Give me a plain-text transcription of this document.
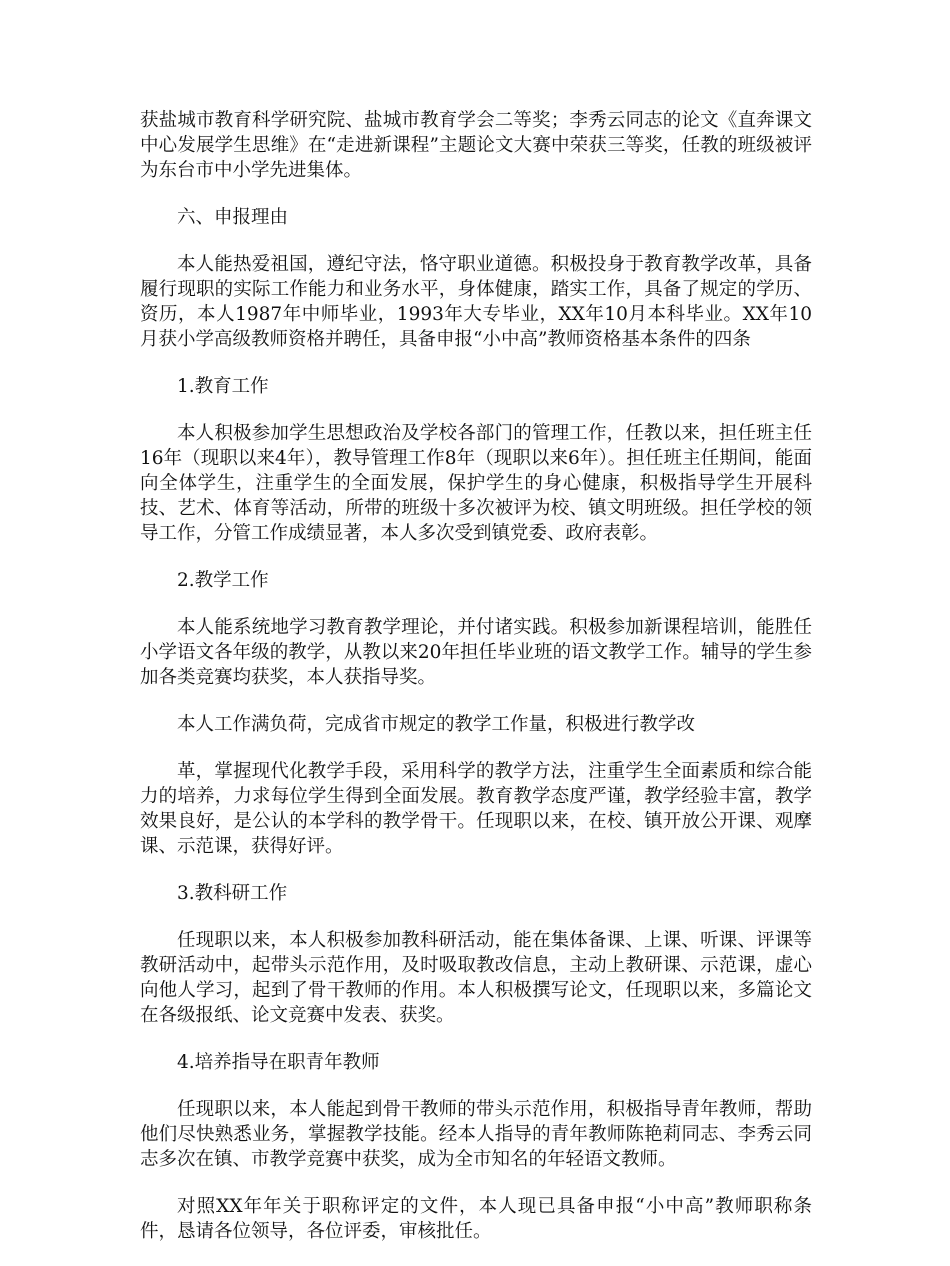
获盐城市教育科学研究院、盐城市教育学会二等奖；李秀云同志的论文《直奔课文中心发展学生思维》在“走进新课程”主题论文大赛中荣获三等奖，任教的班级被评为东台市中小学先进集体。

六、申报理由

本人能热爱祖国，遵纪守法，恪守职业道德。积极投身于教育教学改革，具备履行现职的实际工作能力和业务水平，身体健康，踏实工作，具备了规定的学历、资历，本人1987年中师毕业，1993年大专毕业，XX年10月本科毕业。XX年10月获小学高级教师资格并聘任，具备申报“小中高”教师资格基本条件的四条

1.教育工作

本人积极参加学生思想政治及学校各部门的管理工作，任教以来，担任班主任16年（现职以来4年），教导管理工作8年（现职以来6年）。担任班主任期间，能面向全体学生，注重学生的全面发展，保护学生的身心健康，积极指导学生开展科技、艺术、体育等活动，所带的班级十多次被评为校、镇文明班级。担任学校的领导工作，分管工作成绩显著，本人多次受到镇党委、政府表彰。

2.教学工作

本人能系统地学习教育教学理论，并付诸实践。积极参加新课程培训，能胜任小学语文各年级的教学，从教以来20年担任毕业班的语文教学工作。辅导的学生参加各类竞赛均获奖，本人获指导奖。

本人工作满负荷，完成省市规定的教学工作量，积极进行教学改

革，掌握现代化教学手段，采用科学的教学方法，注重学生全面素质和综合能力的培养，力求每位学生得到全面发展。教育教学态度严谨，教学经验丰富，教学效果良好，是公认的本学科的教学骨干。任现职以来，在校、镇开放公开课、观摩课、示范课，获得好评。

3.教科研工作

任现职以来，本人积极参加教科研活动，能在集体备课、上课、听课、评课等教研活动中，起带头示范作用，及时吸取教改信息，主动上教研课、示范课，虚心向他人学习，起到了骨干教师的作用。本人积极撰写论文，任现职以来，多篇论文在各级报纸、论文竞赛中发表、获奖。

4.培养指导在职青年教师

任现职以来，本人能起到骨干教师的带头示范作用，积极指导青年教师，帮助他们尽快熟悉业务，掌握教学技能。经本人指导的青年教师陈艳莉同志、李秀云同志多次在镇、市教学竞赛中获奖，成为全市知名的年轻语文教师。

对照XX年年关于职称评定的文件，本人现已具备申报“小中高”教师职称条件，恳请各位领导，各位评委，审核批任。
